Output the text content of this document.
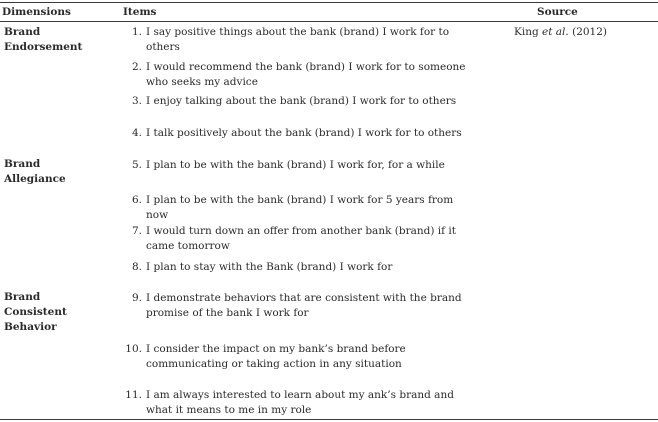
Dimensions	Items	Source
Brand
Endorsement
Brand
Allegiance
Brand
Consistent
Behavior
1. I say positive things about the bank (brand) I work for to others
2. I would recommend the bank (brand) I work for to someone who seeks my advice
3. I enjoy talking about the bank (brand) I work for to others
4. I talk positively about the bank (brand) I work for to others
5. I plan to be with the bank (brand) I work for, for a while
6. I plan to be with the bank (brand) I work for 5 years from now
7. I would turn down an offer from another bank (brand) if it came tomorrow
8. I plan to stay with the Bank (brand) I work for
9. I demonstrate behaviors that are consistent with the brand promise of the bank I work for
10. I consider the impact on my bank’s brand before communicating or taking action in any situation
11. I am always interested to learn about my ank’s brand and what it means to me in my role
King et al. (2012)
